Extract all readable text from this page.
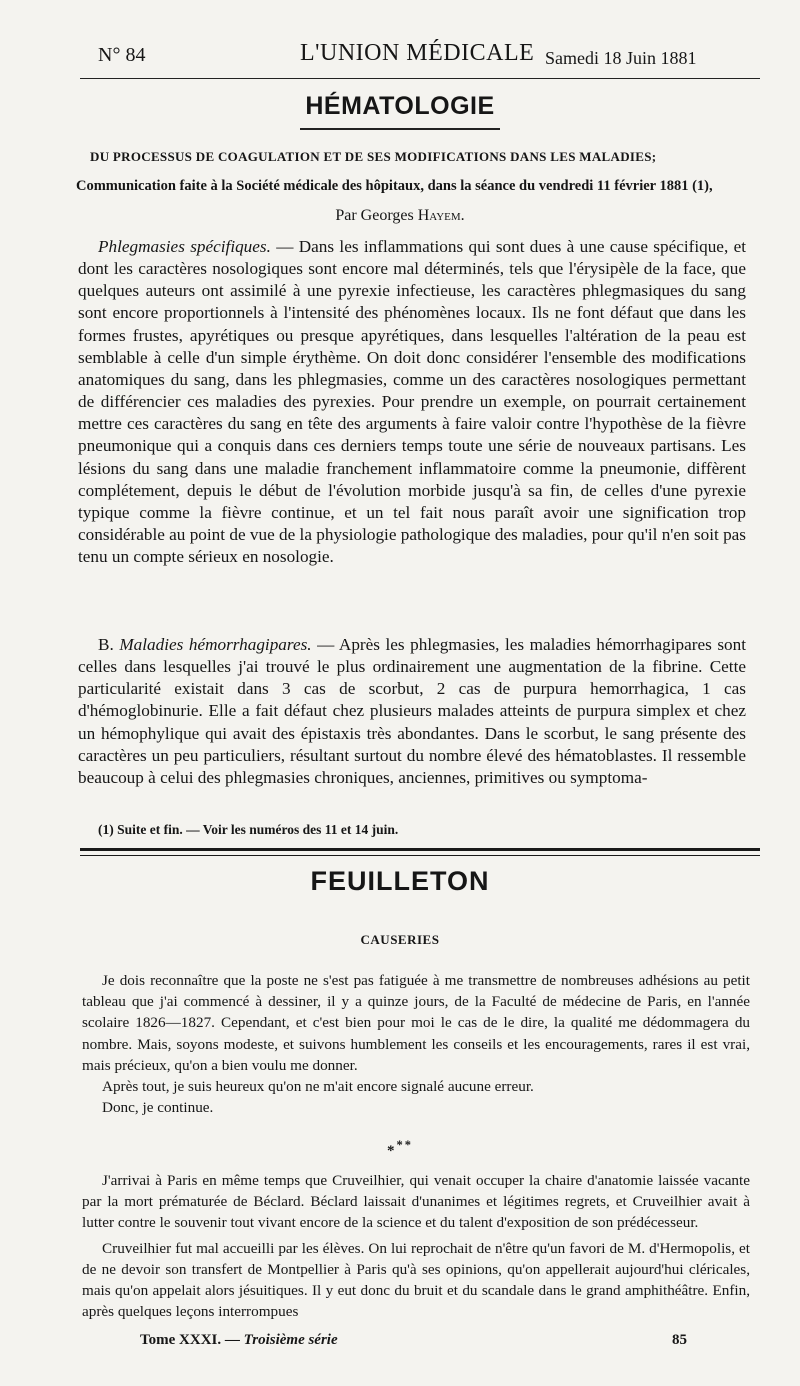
N° 84	L'UNION MÉDICALE Samedi 18 Juin 1881
HÉMATOLOGIE
DU PROCESSUS DE COAGULATION ET DE SES MODIFICATIONS DANS LES MALADIES;
Communication faite à la Société médicale des hôpitaux, dans la séance du vendredi 11 février 1881 (1),
Par Georges Hayem.

Phlegmasies spécifiques. — Dans les inflammations qui sont dues à une cause spécifique, et dont les caractères nosologiques sont encore mal déterminés, tels que l'érysipèle de la face, que quelques auteurs ont assimilé à une pyrexie infectieuse, les caractères phlegmasiques du sang sont encore proportionnels à l'intensité des phénomènes locaux. Ils ne font défaut que dans les formes frustes, apyrétiques ou presque apyrétiques, dans lesquelles l'altération de la peau est semblable à celle d'un simple érythème. On doit donc considérer l'ensemble des modifications anatomiques du sang, dans les phlegmasies, comme un des caractères nosologiques permettant de différencier ces maladies des pyrexies. Pour prendre un exemple, on pourrait certainement mettre ces caractères du sang en tête des arguments à faire valoir contre l'hypothèse de la fièvre pneumonique qui a conquis dans ces derniers temps toute une série de nouveaux partisans. Les lésions du sang dans une maladie franchement inflammatoire comme la pneumonie, diffèrent complétement, depuis le début de l'évolution morbide jusqu'à sa fin, de celles d'une pyrexie typique comme la fièvre continue, et un tel fait nous paraît avoir une signification trop considérable au point de vue de la physiologie pathologique des maladies, pour qu'il n'en soit pas tenu un compte sérieux en nosologie.

B. Maladies hémorrhagipares. — Après les phlegmasies, les maladies hémorrhagipares sont celles dans lesquelles j'ai trouvé le plus ordinairement une augmentation de la fibrine. Cette particularité existait dans 3 cas de scorbut, 2 cas de purpura hemorrhagica, 1 cas d'hémoglobinurie. Elle a fait défaut chez plusieurs malades atteints de purpura simplex et chez un hémophylique qui avait des épistaxis très abondantes. Dans le scorbut, le sang présente des caractères un peu particuliers, résultant surtout du nombre élevé des hématoblastes. Il ressemble beaucoup à celui des phlegmasies chroniques, anciennes, primitives ou symptoma-

(1) Suite et fin. — Voir les numéros des 11 et 14 juin.
FEUILLETON
CAUSERIES

Je dois reconnaître que la poste ne s'est pas fatiguée à me transmettre de nombreuses adhésions au petit tableau que j'ai commencé à dessiner, il y a quinze jours, de la Faculté de médecine de Paris, en l'année scolaire 1826—1827. Cependant, et c'est bien pour moi le cas de le dire, la qualité me dédommagera du nombre. Mais, soyons modeste, et suivons humblement les conseils et les encouragements, rares il est vrai, mais précieux, qu'on a bien voulu me donner.

Après tout, je suis heureux qu'on ne m'ait encore signalé aucune erreur.

Donc, je continue.

***

J'arrivai à Paris en même temps que Cruveilhier, qui venait occuper la chaire d'anatomie laissée vacante par la mort prématurée de Béclard. Béclard laissait d'unanimes et légitimes regrets, et Cruveilhier avait à lutter contre le souvenir tout vivant encore de la science et du talent d'exposition de son prédécesseur.

Cruveilhier fut mal accueilli par les élèves. On lui reprochait de n'être qu'un favori de M. d'Hermopolis, et de ne devoir son transfert de Montpellier à Paris qu'à ses opinions, qu'on appellerait aujourd'hui cléricales, mais qu'on appelait alors jésuitiques. Il y eut donc du bruit et du scandale dans le grand amphithéâtre. Enfin, après quelques leçons interrompues

Tome XXXI. — Troisième série	85
